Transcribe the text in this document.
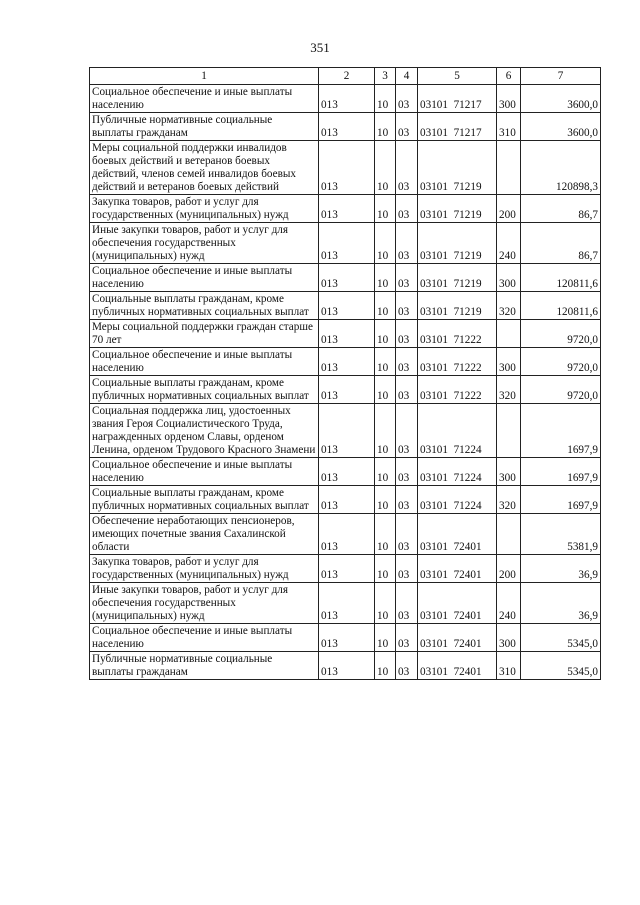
351
1	2	3	4	5	6	7
Социальное обеспечение и иные выплаты населению	013	10	03	03101  71217	300	3600,0
Публичные нормативные социальные выплаты гражданам	013	10	03	03101  71217	310	3600,0
Меры социальной поддержки инвалидов боевых действий и ветеранов боевых действий, членов семей инвалидов боевых действий и ветеранов боевых действий	013	10	03	03101  71219		120898,3
Закупка товаров, работ и услуг для государственных (муниципальных) нужд	013	10	03	03101  71219	200	86,7
Иные закупки товаров, работ и услуг для обеспечения государственных (муниципальных) нужд	013	10	03	03101  71219	240	86,7
Социальное обеспечение и иные выплаты населению	013	10	03	03101  71219	300	120811,6
Социальные выплаты гражданам, кроме публичных нормативных социальных выплат	013	10	03	03101  71219	320	120811,6
Меры социальной поддержки граждан старше 70 лет	013	10	03	03101  71222		9720,0
Социальное обеспечение и иные выплаты населению	013	10	03	03101  71222	300	9720,0
Социальные выплаты гражданам, кроме публичных нормативных социальных выплат	013	10	03	03101  71222	320	9720,0
Социальная поддержка лиц, удостоенных звания Героя Социалистического Труда, награжденных орденом Славы, орденом Ленина, орденом Трудового Красного Знамени	013	10	03	03101  71224		1697,9
Социальное обеспечение и иные выплаты населению	013	10	03	03101  71224	300	1697,9
Социальные выплаты гражданам, кроме публичных нормативных социальных выплат	013	10	03	03101  71224	320	1697,9
Обеспечение неработающих пенсионеров, имеющих почетные звания Сахалинской области	013	10	03	03101  72401		5381,9
Закупка товаров, работ и услуг для государственных (муниципальных) нужд	013	10	03	03101  72401	200	36,9
Иные закупки товаров, работ и услуг для обеспечения государственных (муниципальных) нужд	013	10	03	03101  72401	240	36,9
Социальное обеспечение и иные выплаты населению	013	10	03	03101  72401	300	5345,0
Публичные нормативные социальные выплаты гражданам	013	10	03	03101  72401	310	5345,0
